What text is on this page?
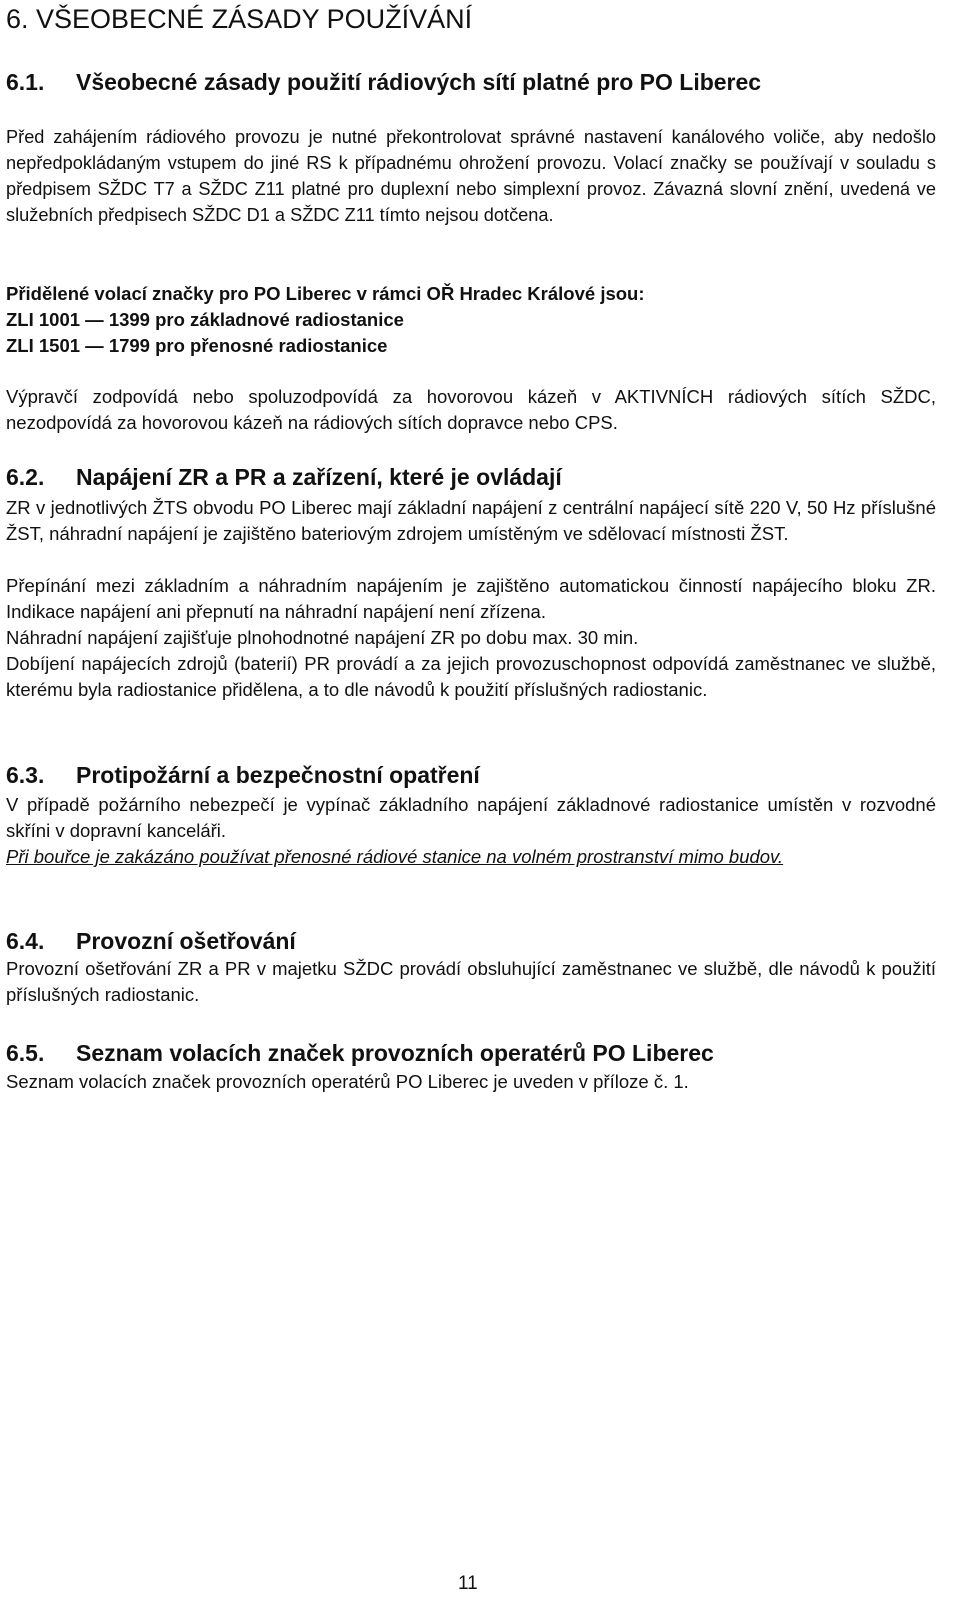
6. VŠEOBECNÉ ZÁSADY POUŽÍVÁNÍ
6.1. Všeobecné zásady použití rádiových sítí platné pro PO Liberec

Před zahájením rádiového provozu je nutné překontrolovat správné nastavení kanálového voliče, aby nedošlo nepředpokládaným vstupem do jiné RS k případnému ohrožení provozu. Volací značky se používají v souladu s předpisem SŽDC T7 a SŽDC Z11 platné pro duplexní nebo simplexní provoz. Závazná slovní znění, uvedená ve služebních předpisech SŽDC D1 a SŽDC Z11 tímto nejsou dotčena.

Přidělené volací značky pro PO Liberec v rámci OŘ Hradec Králové jsou:

ZLI 1001 — 1399 pro základnové radiostanice

ZLI 1501 — 1799 pro přenosné radiostanice

Výpravčí zodpovídá nebo spoluzodpovídá za hovorovou kázeň v AKTIVNÍCH rádiových sítích SŽDC, nezodpovídá za hovorovou kázeň na rádiových sítích dopravce nebo CPS.

6.2. Napájení ZR a PR a zařízení, které je ovládají

ZR v jednotlivých ŽTS obvodu PO Liberec mají základní napájení z centrální napájecí sítě 220 V, 50 Hz příslušné ŽST, náhradní napájení je zajištěno bateriovým zdrojem umístěným ve sdělovací místnosti ŽST.

Přepínání mezi základním a náhradním napájením je zajištěno automatickou činností napájecího bloku ZR. Indikace napájení ani přepnutí na náhradní napájení není zřízena.

Náhradní napájení zajišťuje plnohodnotné napájení ZR po dobu max. 30 min.

Dobíjení napájecích zdrojů (baterií) PR provádí a za jejich provozuschopnost odpovídá zaměstnanec ve službě, kterému byla radiostanice přidělena, a to dle návodů k použití příslušných radiostanic.

6.3. Protipožární a bezpečnostní opatření

V případě požárního nebezpečí je vypínač základního napájení základnové radiostanice umístěn v rozvodné skříni v dopravní kanceláři.

Při bouřce je zakázáno používat přenosné rádiové stanice na volném prostranství mimo budov.

6.4. Provozní ošetřování

Provozní ošetřování ZR a PR v majetku SŽDC provádí obsluhující zaměstnanec ve službě, dle návodů k použití příslušných radiostanic.

6.5. Seznam volacích značek provozních operatérů PO Liberec

Seznam volacích značek provozních operatérů PO Liberec je uveden v příloze č. 1.

11
